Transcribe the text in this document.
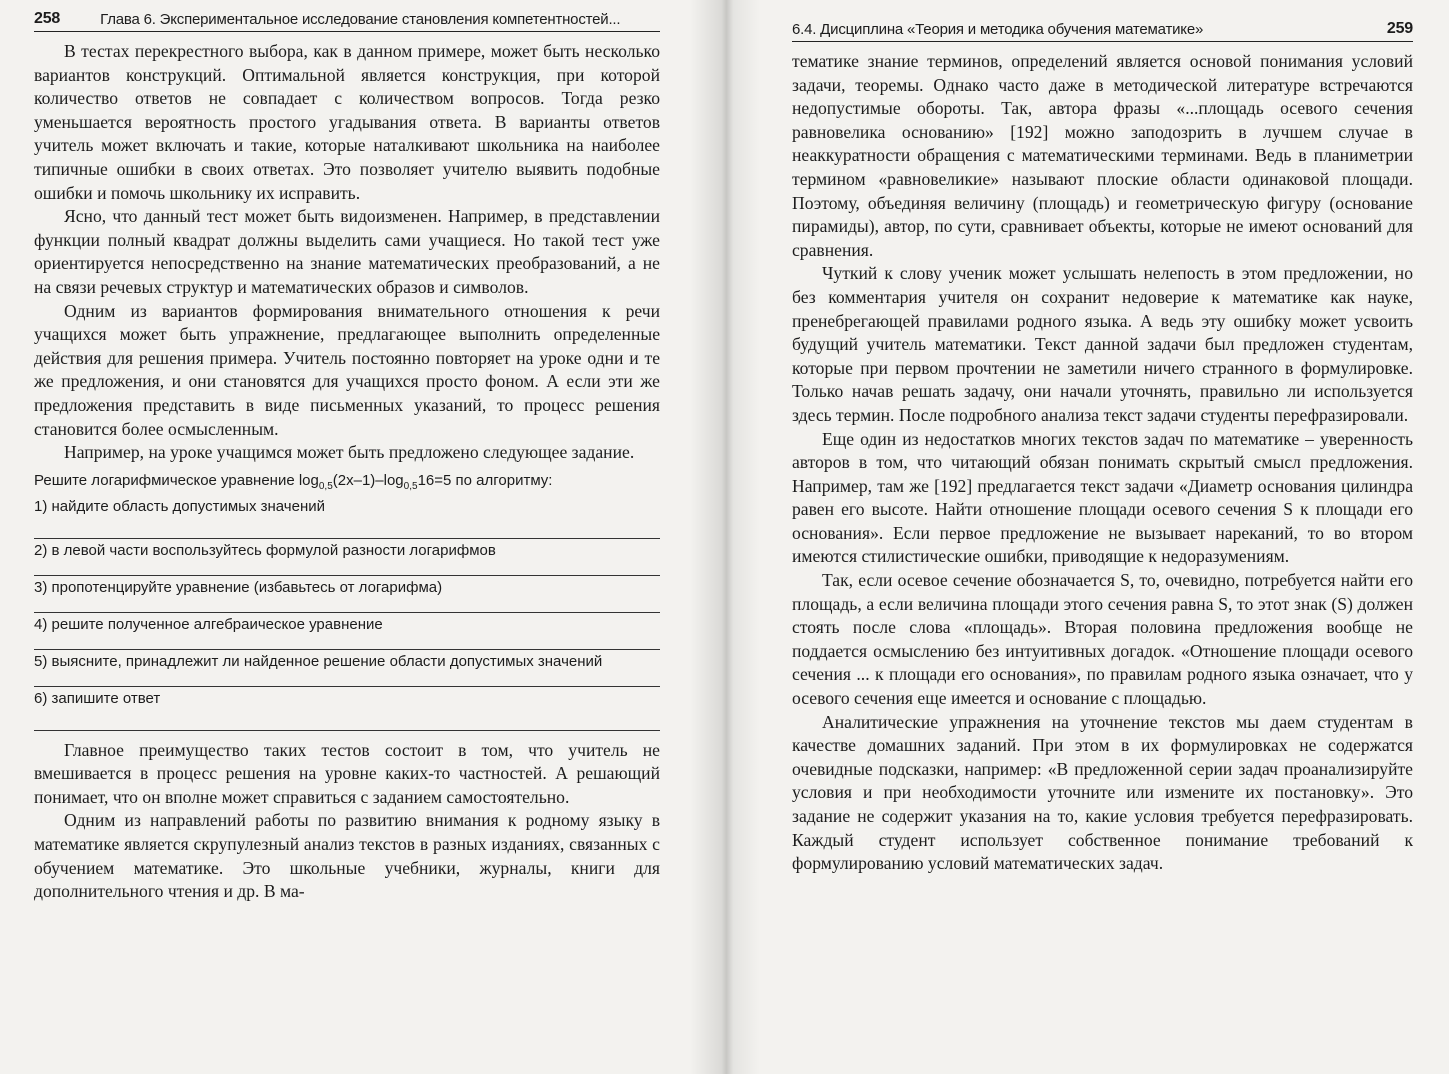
258	Глава 6. Экспериментальное исследование становления компетентностей...

В тестах перекрестного выбора, как в данном примере, может быть несколько вариантов конструкций. Оптимальной является конструкция, при которой количество ответов не совпадает с количеством вопросов. Тогда резко уменьшается вероятность простого угадывания ответа. В варианты ответов учитель может включать и такие, которые наталкивают школьника на наиболее типичные ошибки в своих ответах. Это позволяет учителю выявить подобные ошибки и помочь школьнику их исправить.

Ясно, что данный тест может быть видоизменен. Например, в представлении функции полный квадрат должны выделить сами учащиеся. Но такой тест уже ориентируется непосредственно на знание математических преобразований, а не на связи речевых структур и математических образов и символов.

Одним из вариантов формирования внимательного отношения к речи учащихся может быть упражнение, предлагающее выполнить определенные действия для решения примера. Учитель постоянно повторяет на уроке одни и те же предложения, и они становятся для учащихся просто фоном. А если эти же предложения представить в виде письменных указаний, то процесс решения становится более осмысленным.

Например, на уроке учащимся может быть предложено следующее задание.

Решите логарифмическое уравнение $\log_{0,5}(2x-1)-\log_{0,5}16=5$ по алгоритму:
1) найдите область допустимых значений
2) в левой части воспользуйтесь формулой разности логарифмов
3) пропотенцируйте уравнение (избавьтесь от логарифма)
4) решите полученное алгебраическое уравнение
5) выясните, принадлежит ли найденное решение области допустимых значений
6) запишите ответ

Главное преимущество таких тестов состоит в том, что учитель не вмешивается в процесс решения на уровне каких-то частностей. А решающий понимает, что он вполне может справиться с заданием самостоятельно.

Одним из направлений работы по развитию внимания к родному языку в математике является скрупулезный анализ текстов в разных изданиях, связанных с обучением математике. Это школьные учебники, журналы, книги для дополнительного чтения и др. В ма-

6.4. Дисциплина «Теория и методика обучения математике»	259

тематике знание терминов, определений является основой понимания условий задачи, теоремы. Однако часто даже в методической литературе встречаются недопустимые обороты. Так, автора фразы «...площадь осевого сечения равновелика основанию» [192] можно заподозрить в лучшем случае в неаккуратности обращения с математическими терминами. Ведь в планиметрии термином «равновеликие» называют плоские области одинаковой площади. Поэтому, объединяя величину (площадь) и геометрическую фигуру (основание пирамиды), автор, по сути, сравнивает объекты, которые не имеют оснований для сравнения.

Чуткий к слову ученик может услышать нелепость в этом предложении, но без комментария учителя он сохранит недоверие к математике как науке, пренебрегающей правилами родного языка. А ведь эту ошибку может усвоить будущий учитель математики. Текст данной задачи был предложен студентам, которые при первом прочтении не заметили ничего странного в формулировке. Только начав решать задачу, они начали уточнять, правильно ли используется здесь термин. После подробного анализа текст задачи студенты перефразировали.

Еще один из недостатков многих текстов задач по математике – уверенность авторов в том, что читающий обязан понимать скрытый смысл предложения. Например, там же [192] предлагается текст задачи «Диаметр основания цилиндра равен его высоте. Найти отношение площади осевого сечения S к площади его основания». Если первое предложение не вызывает нареканий, то во втором имеются стилистические ошибки, приводящие к недоразумениям.

Так, если осевое сечение обозначается S, то, очевидно, потребуется найти его площадь, а если величина площади этого сечения равна S, то этот знак (S) должен стоять после слова «площадь». Вторая половина предложения вообще не поддается осмыслению без интуитивных догадок. «Отношение площади осевого сечения ... к площади его основания», по правилам родного языка означает, что у осевого сечения еще имеется и основание с площадью.

Аналитические упражнения на уточнение текстов мы даем студентам в качестве домашних заданий. При этом в их формулировках не содержатся очевидные подсказки, например: «В предложенной серии задач проанализируйте условия и при необходимости уточните или измените их постановку». Это задание не содержит указания на то, какие условия требуется перефразировать. Каждый студент использует собственное понимание требований к формулированию условий математических задач.
